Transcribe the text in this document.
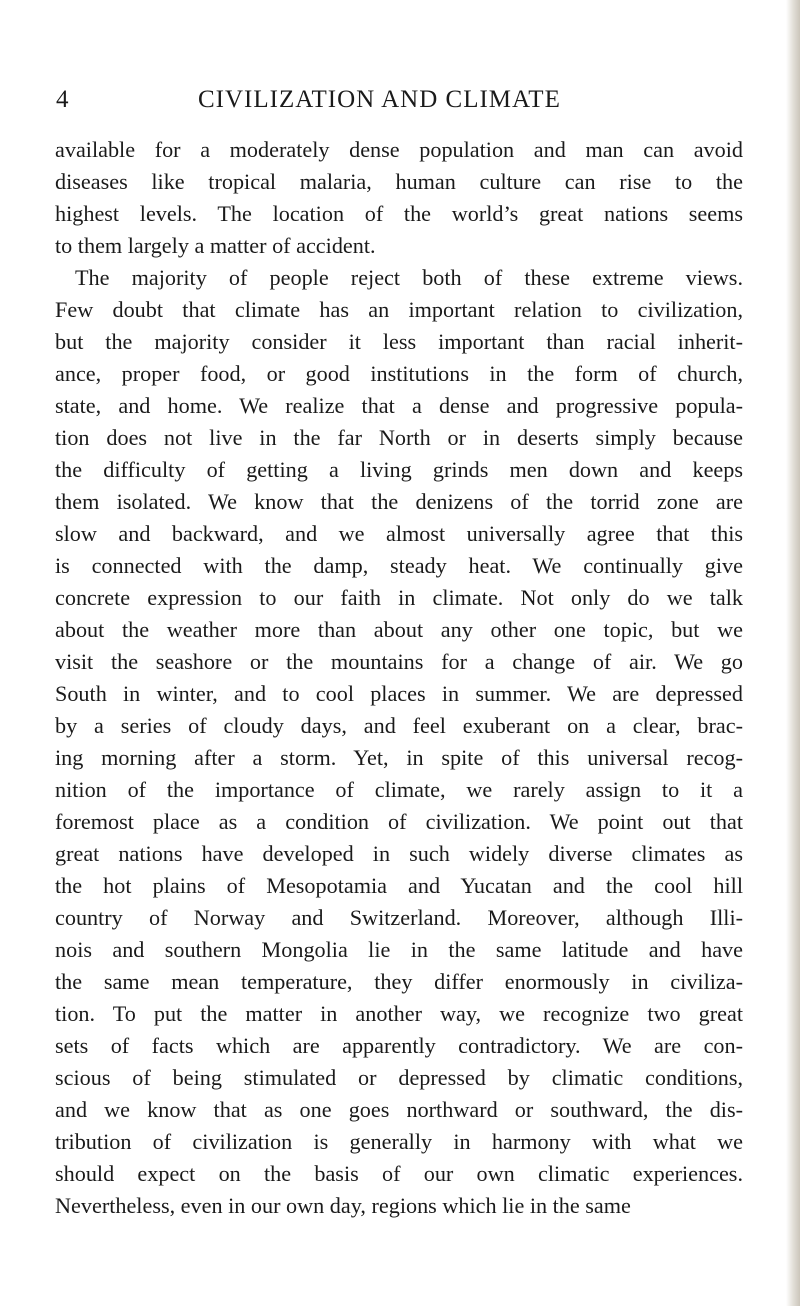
4	CIVILIZATION AND CLIMATE
available for a moderately dense population and man can avoid
diseases like tropical malaria, human culture can rise to the
highest levels. The location of the world’s great nations seems
to them largely a matter of accident.
The majority of people reject both of these extreme views.
Few doubt that climate has an important relation to civilization,
but the majority consider it less important than racial inherit-
ance, proper food, or good institutions in the form of church,
state, and home. We realize that a dense and progressive popula-
tion does not live in the far North or in deserts simply because
the difficulty of getting a living grinds men down and keeps
them isolated. We know that the denizens of the torrid zone are
slow and backward, and we almost universally agree that this
is connected with the damp, steady heat. We continually give
concrete expression to our faith in climate. Not only do we talk
about the weather more than about any other one topic, but we
visit the seashore or the mountains for a change of air. We go
South in winter, and to cool places in summer. We are depressed
by a series of cloudy days, and feel exuberant on a clear, brac-
ing morning after a storm. Yet, in spite of this universal recog-
nition of the importance of climate, we rarely assign to it a
foremost place as a condition of civilization. We point out that
great nations have developed in such widely diverse climates as
the hot plains of Mesopotamia and Yucatan and the cool hill
country of Norway and Switzerland. Moreover, although Illi-
nois and southern Mongolia lie in the same latitude and have
the same mean temperature, they differ enormously in civiliza-
tion. To put the matter in another way, we recognize two great
sets of facts which are apparently contradictory. We are con-
scious of being stimulated or depressed by climatic conditions,
and we know that as one goes northward or southward, the dis-
tribution of civilization is generally in harmony with what we
should expect on the basis of our own climatic experiences.
Nevertheless, even in our own day, regions which lie in the same
